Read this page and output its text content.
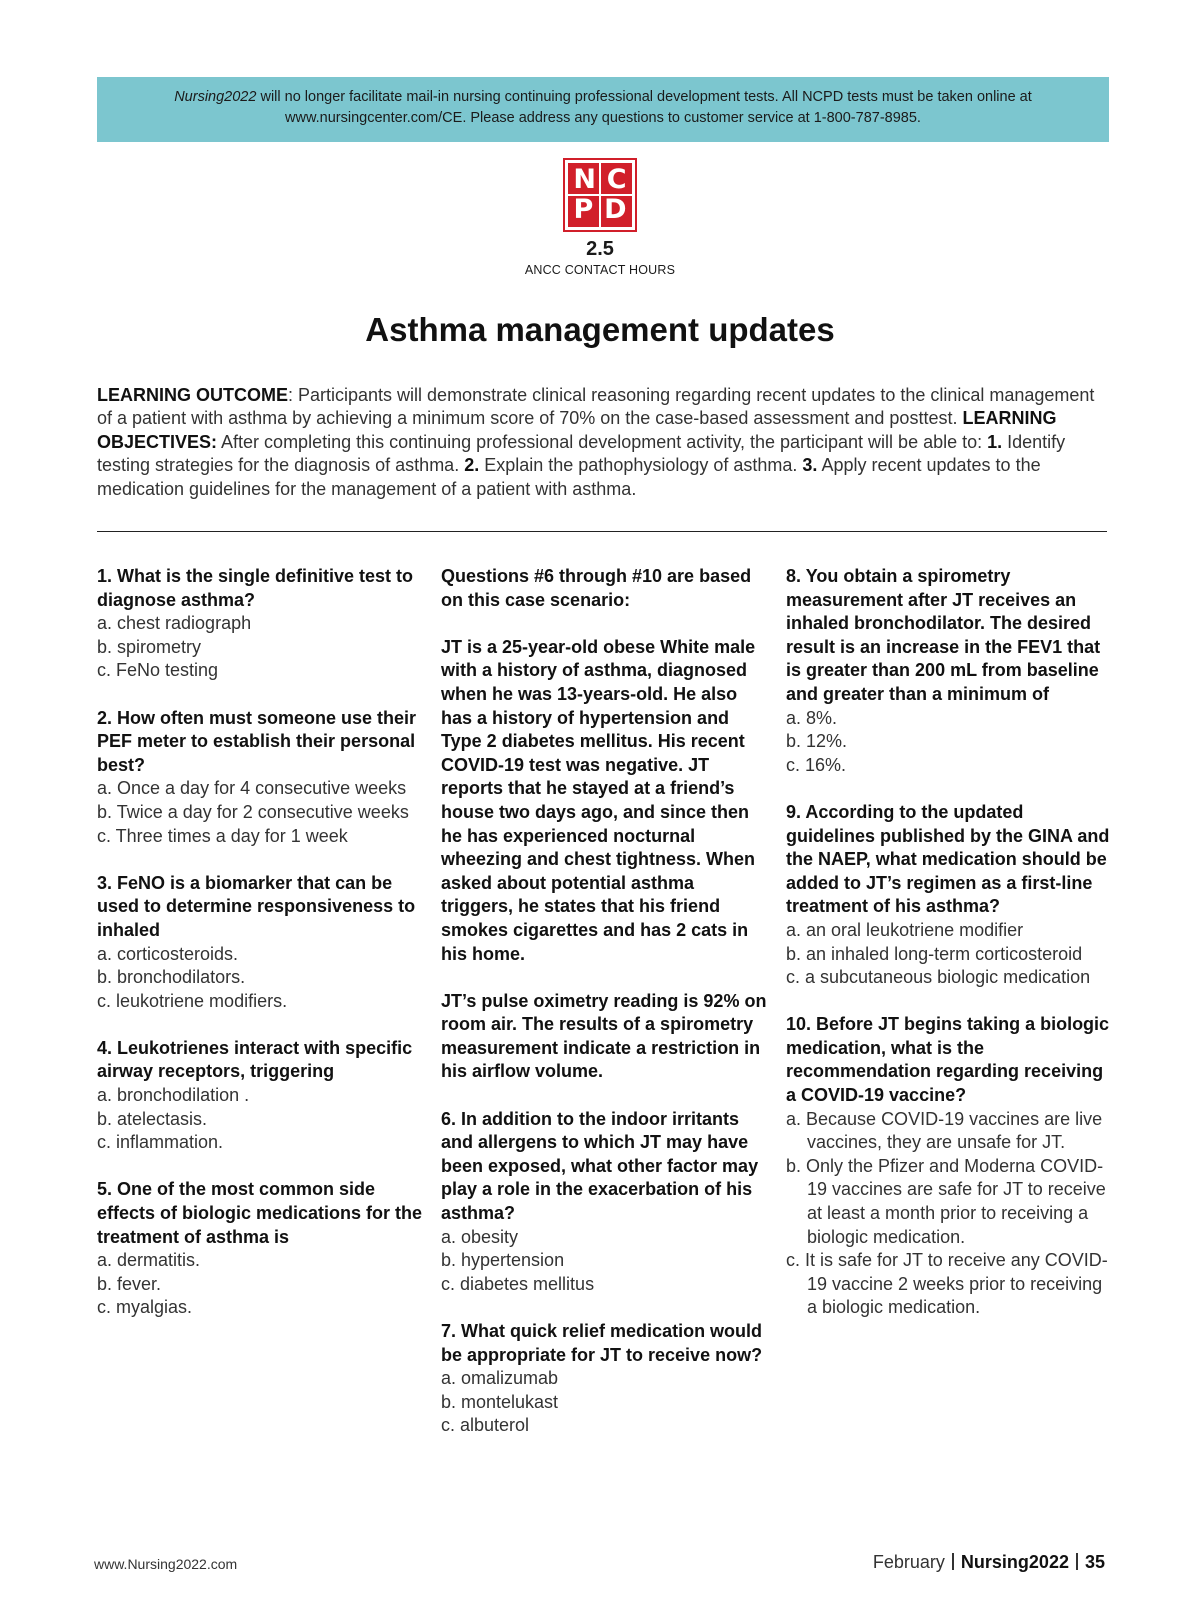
Nursing2022 will no longer facilitate mail-in nursing continuing professional development tests. All NCPD tests must be taken online at www.nursingcenter.com/CE. Please address any questions to customer service at 1-800-787-8985.
N C
P D
2.5
ANCC CONTACT HOURS
Asthma management updates
LEARNING OUTCOME: Participants will demonstrate clinical reasoning regarding recent updates to the clinical management of a patient with asthma by achieving a minimum score of 70% on the case-based assessment and posttest. LEARNING OBJECTIVES: After completing this continuing professional development activity, the participant will be able to: 1. Identify testing strategies for the diagnosis of asthma. 2. Explain the pathophysiology of asthma. 3. Apply recent updates to the medication guidelines for the management of a patient with asthma.
1. What is the single definitive test to diagnose asthma?
a. chest radiograph
b. spirometry
c. FeNo testing
2. How often must someone use their PEF meter to establish their personal best?
a. Once a day for 4 consecutive weeks
b. Twice a day for 2 consecutive weeks
c. Three times a day for 1 week
3. FeNO is a biomarker that can be used to determine responsiveness to inhaled
a. corticosteroids.
b. bronchodilators.
c. leukotriene modifiers.
4. Leukotrienes interact with specific airway receptors, triggering
a. bronchodilation .
b. atelectasis.
c. inflammation.
5. One of the most common side effects of biologic medications for the treatment of asthma is
a. dermatitis.
b. fever.
c. myalgias.
Questions #6 through #10 are based on this case scenario:
JT is a 25-year-old obese White male with a history of asthma, diagnosed when he was 13-years-old. He also has a history of hypertension and Type 2 diabetes mellitus. His recent COVID-19 test was negative. JT reports that he stayed at a friend’s house two days ago, and since then he has experienced nocturnal wheezing and chest tightness. When asked about potential asthma triggers, he states that his friend smokes cigarettes and has 2 cats in his home.
JT’s pulse oximetry reading is 92% on room air. The results of a spirometry measurement indicate a restriction in his airflow volume.
6. In addition to the indoor irritants and allergens to which JT may have been exposed, what other factor may play a role in the exacerbation of his asthma?
a. obesity
b. hypertension
c. diabetes mellitus
7. What quick relief medication would be appropriate for JT to receive now?
a. omalizumab
b. montelukast
c. albuterol
8. You obtain a spirometry measurement after JT receives an inhaled bronchodilator. The desired result is an increase in the FEV1 that is greater than 200 mL from baseline and greater than a minimum of
a. 8%.
b. 12%.
c. 16%.
9. According to the updated guidelines published by the GINA and the NAEP, what medication should be added to JT’s regimen as a first-line treatment of his asthma?
a. an oral leukotriene modifier
b. an inhaled long-term corticosteroid
c. a subcutaneous biologic medication
10. Before JT begins taking a biologic medication, what is the recommendation regarding receiving a COVID-19 vaccine?
a. Because COVID-19 vaccines are live vaccines, they are unsafe for JT.
b. Only the Pfizer and Moderna COVID-19 vaccines are safe for JT to receive at least a month prior to receiving a biologic medication.
c. It is safe for JT to receive any COVID-19 vaccine 2 weeks prior to receiving a biologic medication.
www.Nursing2022.com	February Nursing2022 35
